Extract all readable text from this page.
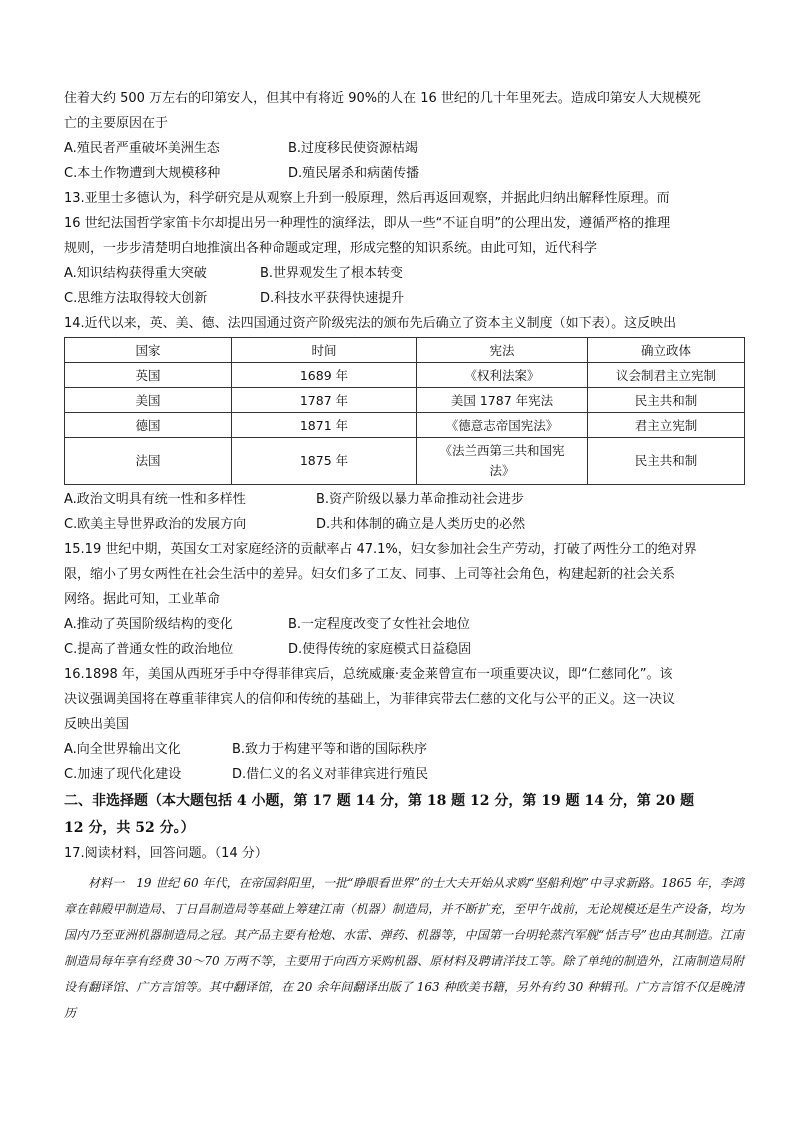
住着大约 500 万左右的印第安人，但其中有将近 90%的人在 16 世纪的几十年里死去。造成印第安人大规模死
亡的主要原因在于
A.殖民者严重破坏美洲生态	B.过度移民使资源枯竭
C.本土作物遭到大规模移种	D.殖民屠杀和病菌传播
13.亚里士多德认为，科学研究是从观察上升到一般原理，然后再返回观察，并据此归纳出解释性原理。而
16 世纪法国哲学家笛卡尔却提出另一种理性的演绎法，即从一些“不证自明”的公理出发，遵循严格的推理
规则，一步步清楚明白地推演出各种命题或定理，形成完整的知识系统。由此可知，近代科学
A.知识结构获得重大突破	B.世界观发生了根本转变
C.思维方法取得较大创新	D.科技水平获得快速提升
14.近代以来，英、美、德、法四国通过资产阶级宪法的颁布先后确立了资本主义制度（如下表）。这反映出
国家	时间	宪法	确立政体
英国	1689 年	《权利法案》	议会制君主立宪制
美国	1787 年	美国 1787 年宪法	民主共和制
德国	1871 年	《德意志帝国宪法》	君主立宪制
法国	1875 年	《法兰西第三共和国宪法》	民主共和制
A.政治文明具有统一性和多样性	B.资产阶级以暴力革命推动社会进步
C.欧美主导世界政治的发展方向	D.共和体制的确立是人类历史的必然
15.19 世纪中期，英国女工对家庭经济的贡献率占 47.1%，妇女参加社会生产劳动，打破了两性分工的绝对界
限，缩小了男女两性在社会生活中的差异。妇女们多了工友、同事、上司等社会角色，构建起新的社会关系
网络。据此可知，工业革命
A.推动了英国阶级结构的变化	B.一定程度改变了女性社会地位
C.提高了普通女性的政治地位	D.使得传统的家庭模式日益稳固
16.1898 年，美国从西班牙手中夺得菲律宾后，总统威廉·麦金莱曾宣布一项重要决议，即“仁慈同化”。该
决议强调美国将在尊重菲律宾人的信仰和传统的基础上，为菲律宾带去仁慈的文化与公平的正义。这一决议
反映出美国
A.向全世界输出文化	B.致力于构建平等和谐的国际秩序
C.加速了现代化建设	D.借仁义的名义对菲律宾进行殖民
二、非选择题（本大题包括 4 小题，第 17 题 14 分，第 18 题 12 分，第 19 题 14 分，第 20 题
12 分，共 52 分。）
17.阅读材料，回答问题。（14 分）
材料一　19 世纪 60 年代，在帝国斜阳里，一批“睁眼看世界”的士大夫开始从求购“坚船利炮”中寻求新路。1865 年，李鸿章在韩殿甲制造局、丁日昌制造局等基础上筹建江南（机器）制造局，并不断扩充，至甲午战前，无论规模还是生产设备，均为国内乃至亚洲机器制造局之冠。其产品主要有枪炮、水雷、弹药、机器等，中国第一台明轮蒸汽军舰“恬吉号”也由其制造。江南制造局每年享有经费 30～70 万两不等，主要用于向西方采购机器、原材料及聘请洋技工等。除了单纯的制造外，江南制造局附设有翻译馆、广方言馆等。其中翻译馆，在 20 余年间翻译出版了 163 种欧美书籍，另外有约 30 种辑刊。广方言馆不仅是晚清历
